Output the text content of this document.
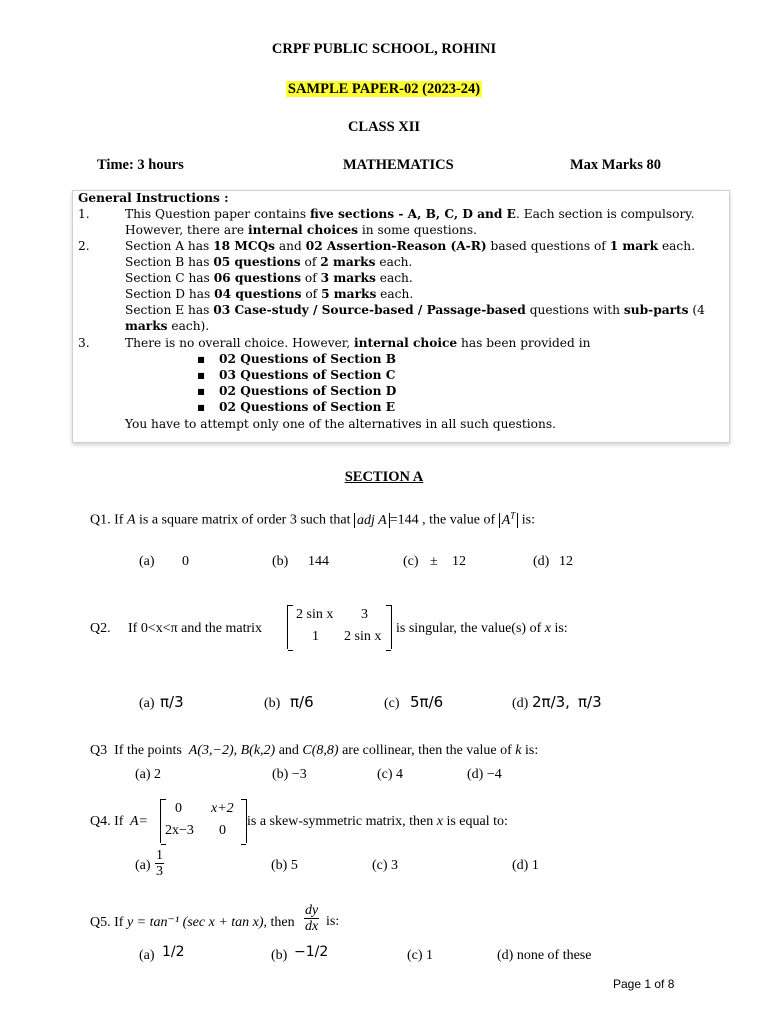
CRPF PUBLIC SCHOOL, ROHINI
SAMPLE PAPER-02 (2023-24)
CLASS XII
Time: 3 hours	MATHEMATICS	Max Marks 80
General Instructions :
1.	This Question paper contains five sections - A, B, C, D and E. Each section is compulsory.
However, there are internal choices in some questions.
2.	Section A has 18 MCQs and 02 Assertion-Reason (A-R) based questions of 1 mark each.
Section B has 05 questions of 2 marks each.
Section C has 06 questions of 3 marks each.
Section D has 04 questions of 5 marks each.
Section E has 03 Case-study / Source-based / Passage-based questions with sub-parts (4
marks each).
3.	There is no overall choice. However, internal choice has been provided in
▪ 02 Questions of Section B
▪ 03 Questions of Section C
▪ 02 Questions of Section D
▪ 02 Questions of Section E
You have to attempt only one of the alternatives in all such questions.
SECTION A
Q1. If A is a square matrix of order 3 such that adj A =144 , the value of $A^T$ is:
(a) 0	(b) 144	(c) ± 12	(d) 12
Q2. If 0<x<π and the matrix
2 sin x 3
1 2 sin x
is singular, the value(s) of x is:
(a) π/3	(b) π/6	(c) 5π/6	(d) 2π/3, π/3
Q3 If the points A(3,−2), B(k,2) and C(8,8) are collinear, then the value of k is:
(a) 2	(b) −3	(c) 4	(d) −4
Q4. If A=
0 x+2
2x−3 0
is a skew-symmetric matrix, then x is equal to:
$(a) \frac{1}{3}$	(b) 5	(c) 3	(d) 1
Q5. If y = tan⁻¹ (sec x + tan x), then $\frac{dy}{dx}$ is:
(a) 1/2	(b) −1/2	(c) 1	(d) none of these
Page 1 of 8
